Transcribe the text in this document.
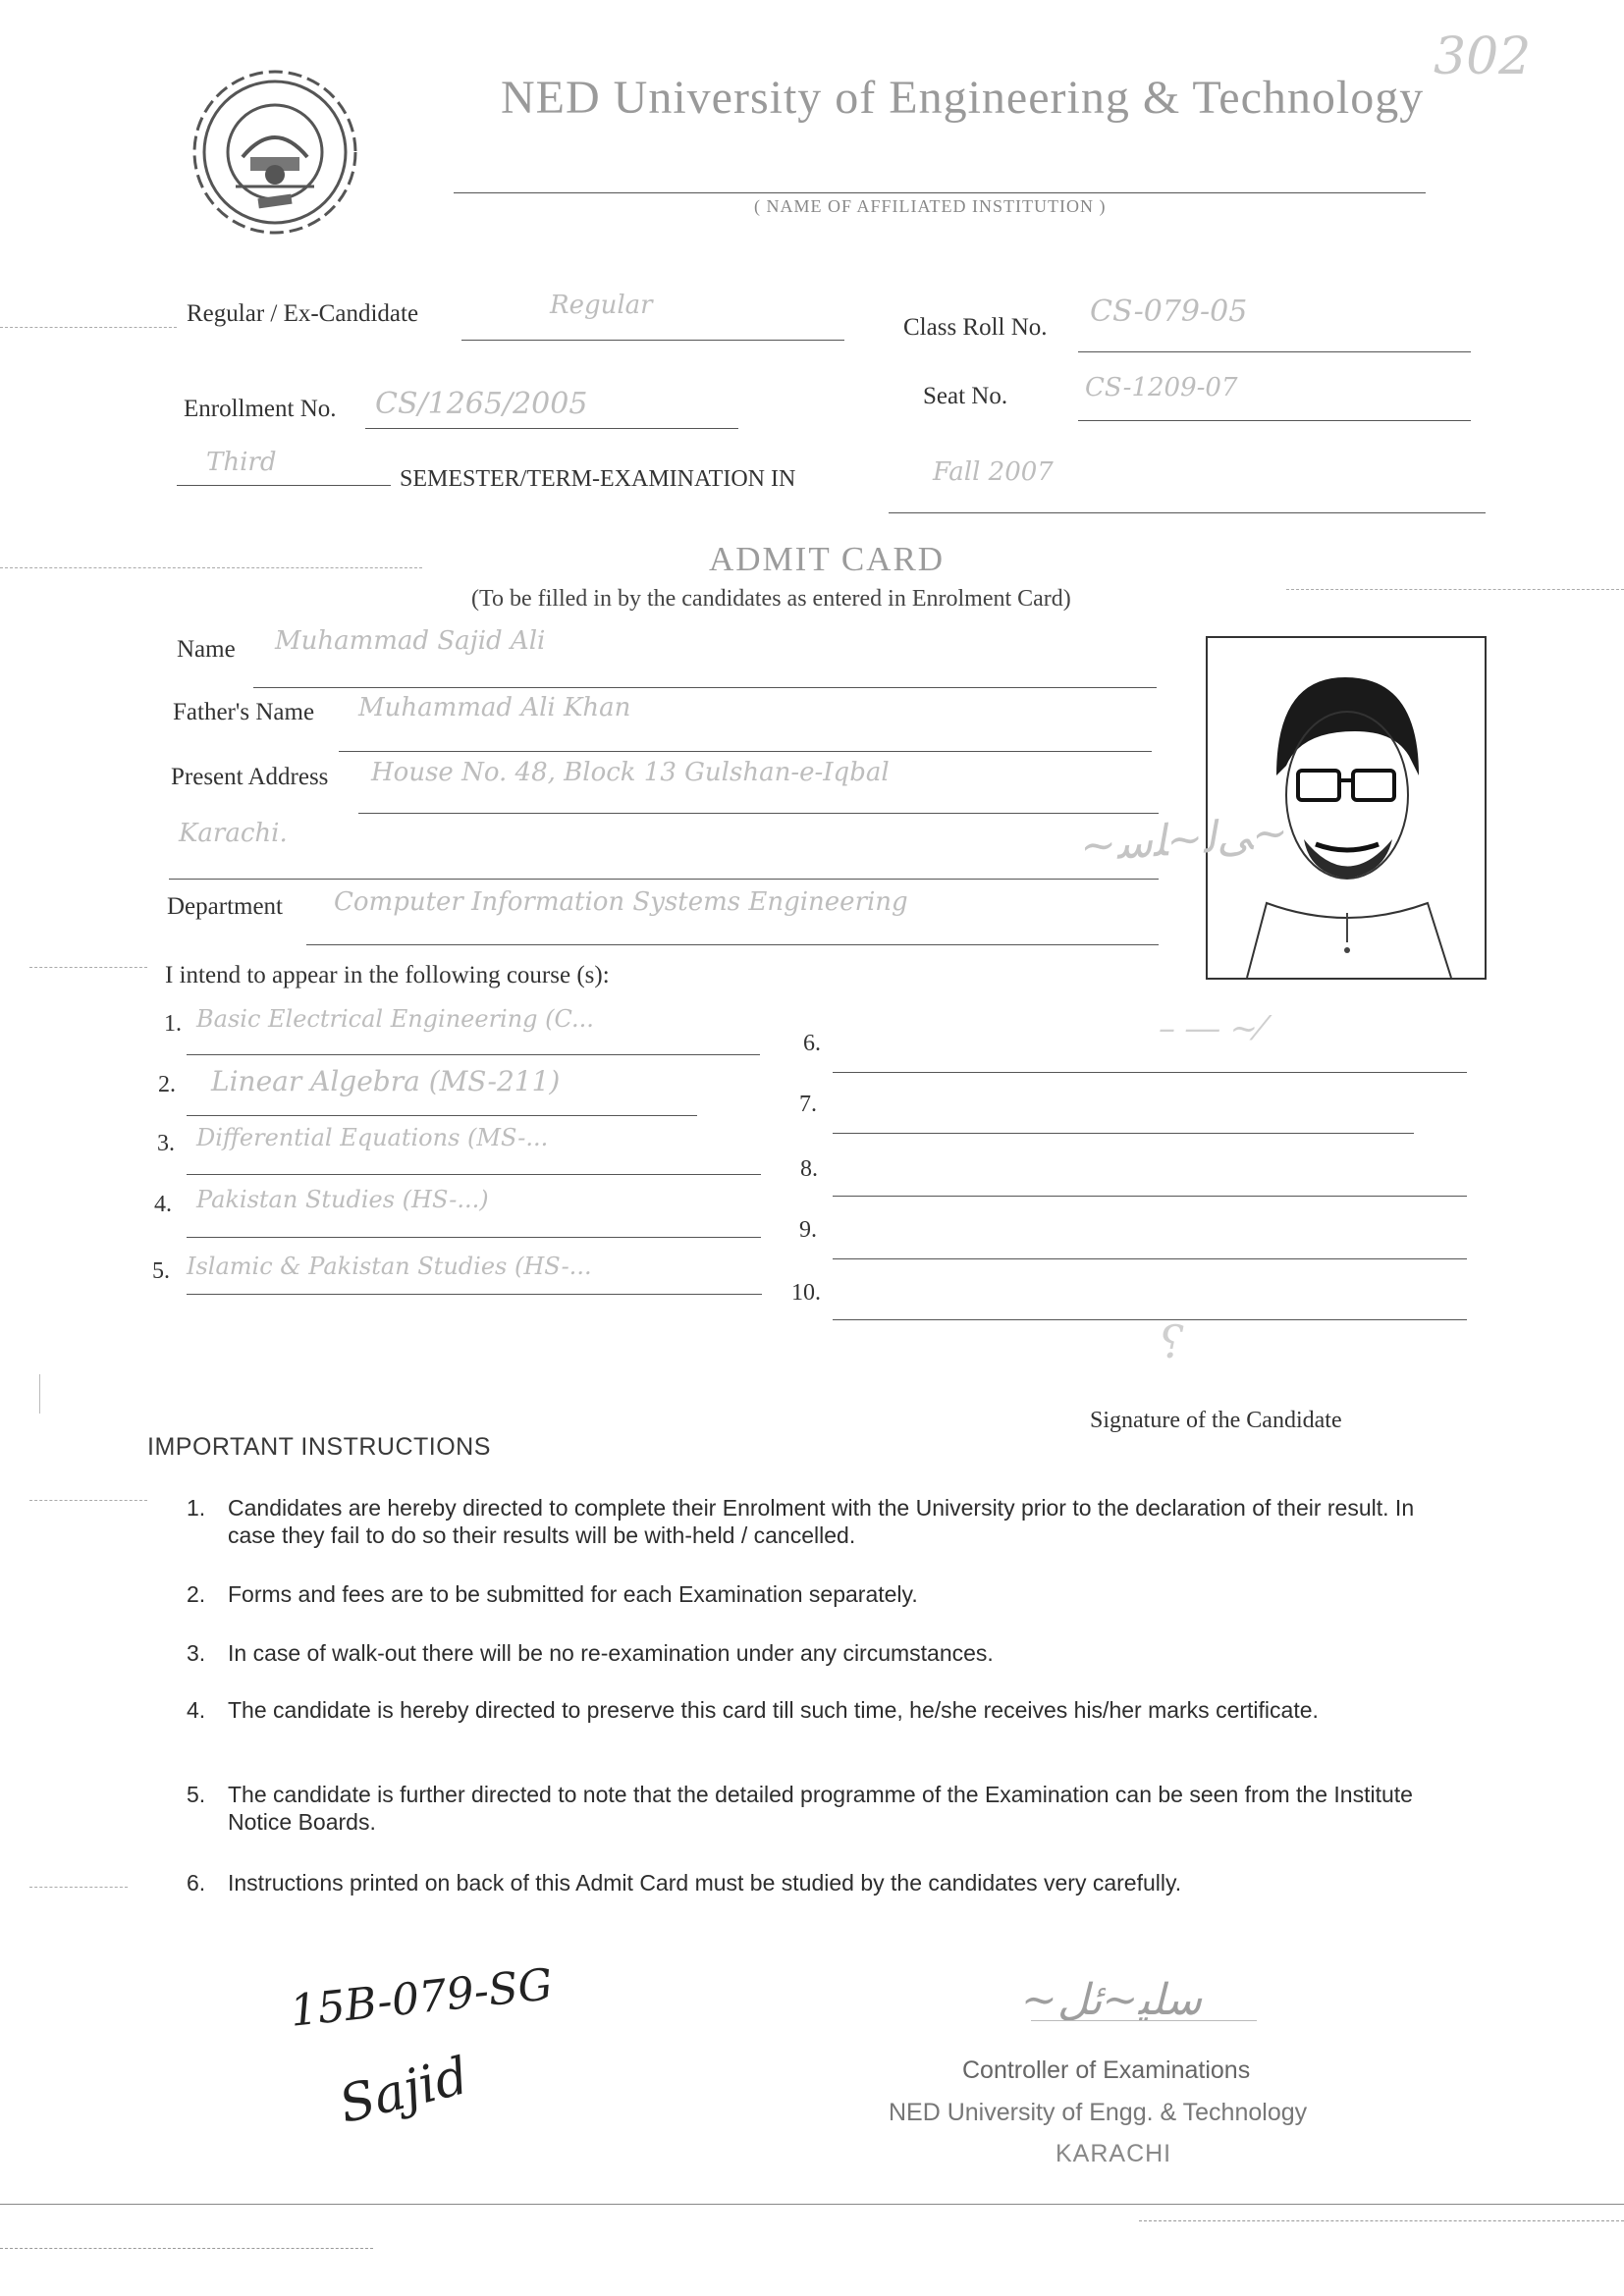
302
NED University of Engineering & Technology
( NAME OF AFFILIATED INSTITUTION )
Regular / Ex-Candidate	Regular
Class Roll No. CS-079-05
Enrollment No. CS/1265/2005	Seat No.	CS-1209-07
Third
SEMESTER/TERM-EXAMINATION IN	Fall 2007
ADMIT CARD
(To be filled in by the candidates as entered in Enrolment Card)
Name Muhammad Sajid Ali
Father's Name Muhammad Ali Khan
Present Address House No. 48, Block 13 Gulshan-e-Iqbal
Karachi.	~ﻰﻟ~ﻠﺳ~
Department Computer Information Systems Engineering
I intend to appear in the following course (s):
1. Basic Electrical Engineering (C...
2. Linear Algebra (MS-211)
3. Differential Equations (MS-...
4. Pakistan Studies (HS-...)
5. Islamic & Pakistan Studies (HS-...
6.	– ― ~⁄
7.
8.
9.
10.
⸮
Signature of the Candidate
IMPORTANT INSTRUCTIONS
1. Candidates are hereby directed to complete their Enrolment with the University prior to the declaration of their result. In case they fail to do so their results will be with-held / cancelled.
2. Forms and fees are to be submitted for each Examination separately.
3. In case of walk-out there will be no re-examination under any circumstances.
4. The candidate is hereby directed to preserve this card till such time, he/she receives his/her marks certificate.
5. The candidate is further directed to note that the detailed programme of the Examination can be seen from the Institute Notice Boards.
6. Instructions printed on back of this Admit Card must be studied by the candidates very carefully.
15B-079-SG
Sajid
~ﺳﻠﻴ~ﺋﻞ
Controller of Examinations
NED University of Engg. & Technology
KARACHI
